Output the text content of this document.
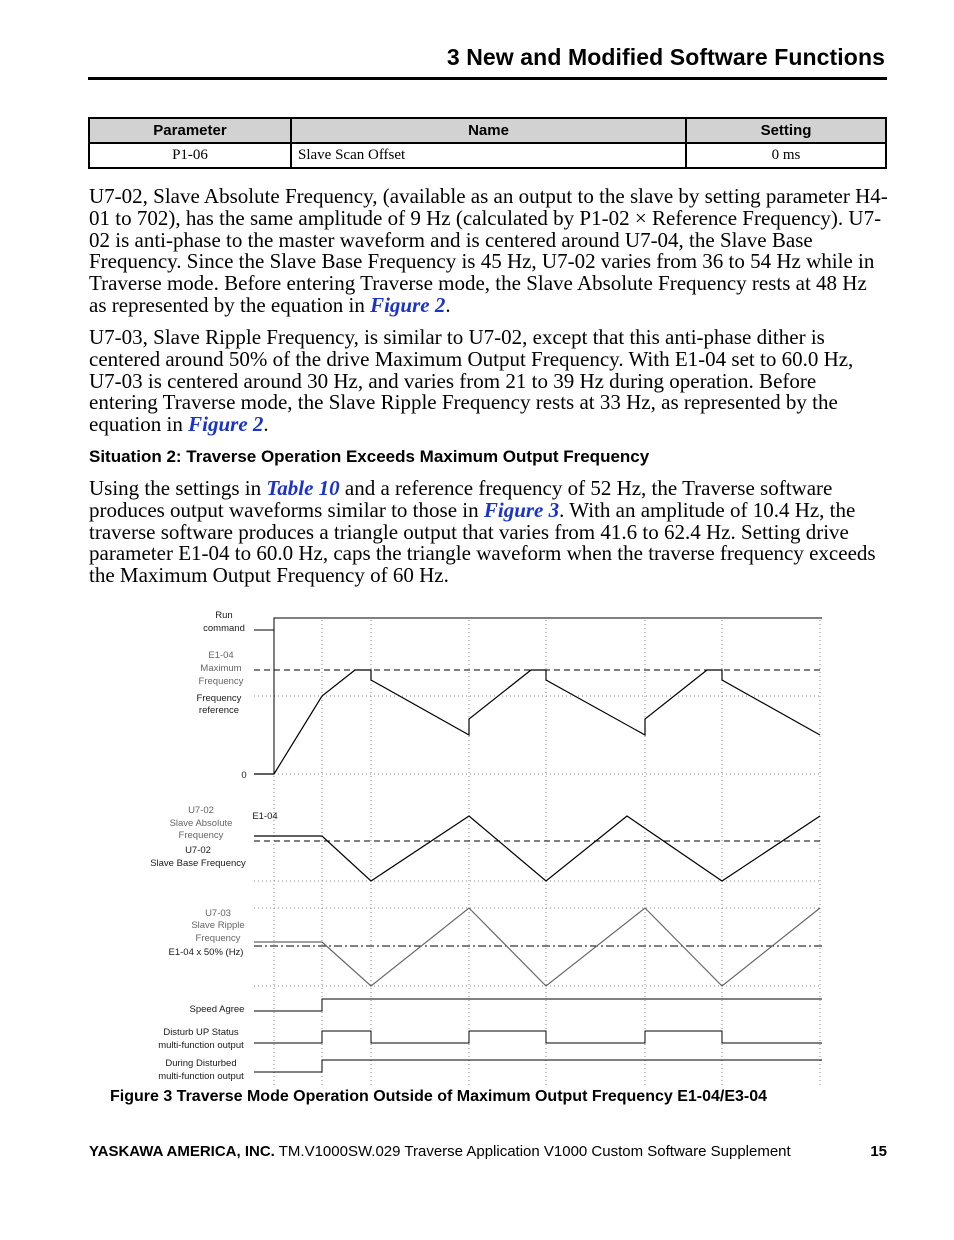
3 New and Modified Software Functions
Parameter	Name	Setting
P1-06	Slave Scan Offset	0 ms

U7-02, Slave Absolute Frequency, (available as an output to the slave by setting parameter H4-01 to 702), has the same amplitude of 9 Hz (calculated by P1-02 × Reference Frequency). U7-02 is anti-phase to the master waveform and is centered around U7-04, the Slave Base Frequency. Since the Slave Base Frequency is 45 Hz, U7-02 varies from 36 to 54 Hz while in Traverse mode. Before entering Traverse mode, the Slave Absolute Frequency rests at 48 Hz as represented by the equation in Figure 2.

U7-03, Slave Ripple Frequency, is similar to U7-02, except that this anti-phase dither is centered around 50% of the drive Maximum Output Frequency. With E1-04 set to 60.0 Hz, U7-03 is centered around 30 Hz, and varies from 21 to 39 Hz during operation. Before entering Traverse mode, the Slave Ripple Frequency rests at 33 Hz, as represented by the equation in Figure 2.

Situation 2: Traverse Operation Exceeds Maximum Output Frequency

Using the settings in Table 10 and a reference frequency of 52 Hz, the Traverse software produces output waveforms similar to those in Figure 3. With an amplitude of 10.4 Hz, the traverse software produces a triangle output that varies from 41.6 to 62.4 Hz. Setting drive parameter E1-04 to 60.0 Hz, caps the triangle waveform when the traverse frequency exceeds the Maximum Output Frequency of 60 Hz.

Run
command
E1-04
Maximum
Frequency
Frequency
reference
0
U7-02
Slave Absolute
Frequency
E1-04
U7-02
Slave Base Frequency
U7-03
Slave Ripple
Frequency
E1-04 x 50% (Hz)
Speed Agree
Disturb UP Status
multi-function output
During Disturbed
multi-function output

Figure 3 Traverse Mode Operation Outside of Maximum Output Frequency E1-04/E3-04

YASKAWA AMERICA, INC. TM.V1000SW.029 Traverse Application V1000 Custom Software Supplement	15
